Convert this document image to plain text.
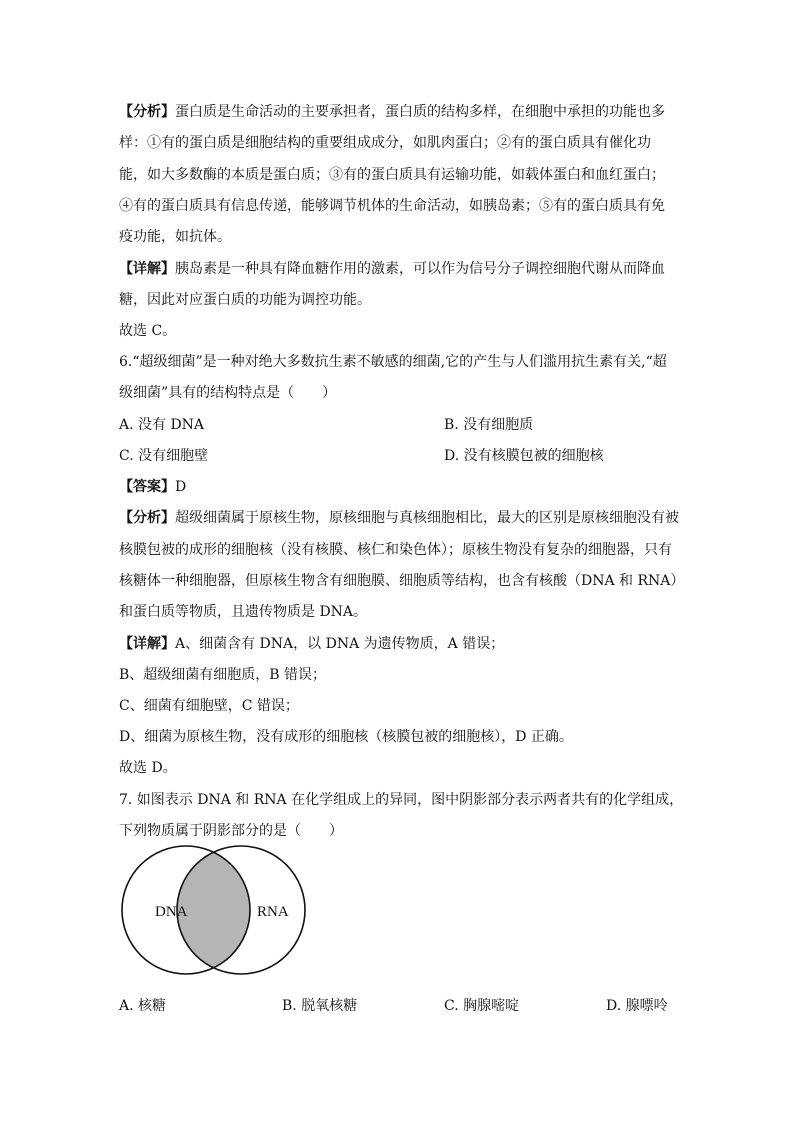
【分析】蛋白质是生命活动的主要承担者，蛋白质的结构多样，在细胞中承担的功能也多
样：①有的蛋白质是细胞结构的重要组成成分，如肌肉蛋白；②有的蛋白质具有催化功
能，如大多数酶的本质是蛋白质；③有的蛋白质具有运输功能，如载体蛋白和血红蛋白；
④有的蛋白质具有信息传递，能够调节机体的生命活动，如胰岛素；⑤有的蛋白质具有免
疫功能，如抗体。
【详解】胰岛素是一种具有降血糖作用的激素，可以作为信号分子调控细胞代谢从而降血
糖，因此对应蛋白质的功能为调控功能。
故选 C。
6.“超级细菌”是一种对绝大多数抗生素不敏感的细菌,它的产生与人们滥用抗生素有关,“超
级细菌”具有的结构特点是（　　）
A. 没有 DNA	B. 没有细胞质
C. 没有细胞壁	D. 没有核膜包被的细胞核
【答案】D
【分析】超级细菌属于原核生物，原核细胞与真核细胞相比，最大的区别是原核细胞没有被
核膜包被的成形的细胞核（没有核膜、核仁和染色体）；原核生物没有复杂的细胞器，只有
核糖体一种细胞器，但原核生物含有细胞膜、细胞质等结构，也含有核酸（DNA 和 RNA）
和蛋白质等物质，且遗传物质是 DNA。
【详解】A、细菌含有 DNA，以 DNA 为遗传物质，A 错误；
B、超级细菌有细胞质，B 错误；
C、细菌有细胞壁，C 错误；
D、细菌为原核生物，没有成形的细胞核（核膜包被的细胞核），D 正确。
故选 D。
7. 如图表示 DNA 和 RNA 在化学组成上的异同，图中阴影部分表示两者共有的化学组成，
下列物质属于阴影部分的是（　　）
DNA	RNA
A. 核糖	B. 脱氧核糖	C. 胸腺嘧啶	D. 腺嘌呤
